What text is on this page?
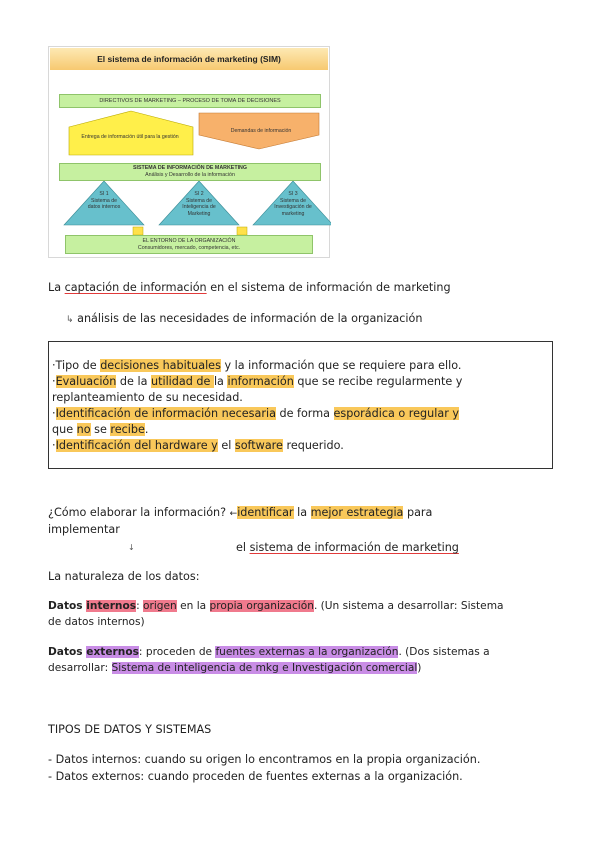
El sistema de información de marketing (SIM)
DIRECTIVOS DE MARKETING – PROCESO DE TOMA DE DECISIONES
Entrega de información útil para la gestión
Demandas de información
SISTEMA DE INFORMACIÓN DE MARKETING
Análisis y Desarrollo de la información
SI 1
Sistema de datos internos
SI 2
Sistema de Inteligencia de Marketing
SI 3
Sistema de Investigación de marketing
EL ENTORNO DE LA ORGANIZACIÓN
Consumidores, mercado, competencia, etc.
La captación de información en el sistema de información de marketing
↳ análisis de las necesidades de información de la organización
·Tipo de decisiones habituales y la información que se requiere para ello.
·Evaluación de la utilidad de la información que se recibe regularmente y
replanteamiento de su necesidad.
·Identificación de información necesaria de forma esporádica o regular y
que no se recibe.
·Identificación del hardware y el software requerido.
¿Cómo elaborar la información? ←identificar la mejor estrategia para
implementar
↓	el sistema de información de marketing
La naturaleza de los datos:
Datos internos: origen en la propia organización. (Un sistema a desarrollar: Sistema
de datos internos)
Datos externos: proceden de fuentes externas a la organización. (Dos sistemas a
desarrollar: Sistema de inteligencia de mkg e Investigación comercial)
TIPOS DE DATOS Y SISTEMAS
- Datos internos: cuando su origen lo encontramos en la propia organización.
- Datos externos: cuando proceden de fuentes externas a la organización.
